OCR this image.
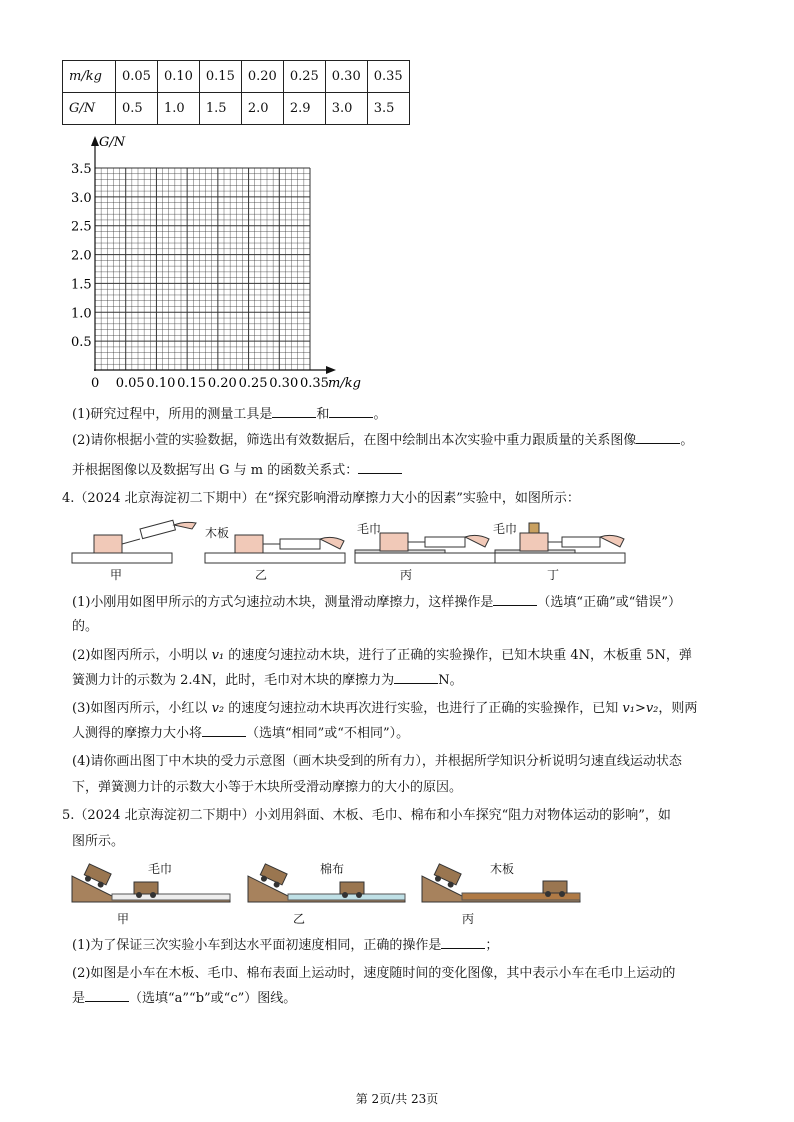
m/kg	0.05	0.10	0.15	0.20	0.25	0.30	0.35
G/N	0.5	1.0	1.5	2.0	2.9	3.0	3.5
0 0.05 0.10 0.15 0.20 0.25 0.30 0.35
0.5
1.0
1.5
2.0
2.5
3.0
3.5
G/N
m/kg
(1)研究过程中，所用的测量工具是	和	。
(2)请你根据小萱的实验数据，筛选出有效数据后，在图中绘制出本次实验中重力跟质量的关系图像	。
并根据图像以及数据写出 G 与 m 的函数关系式：
4.（2024 北京海淀初二下期中）在“探究影响滑动摩擦力大小的因素”实验中，如图所示：
木板	毛巾	毛巾
甲	乙	丙	丁
(1)小刚用如图甲所示的方式匀速拉动木块，测量滑动摩擦力，这样操作是	（选填“正确”或“错误”）
的。
(2)如图丙所示，小明以 v₁ 的速度匀速拉动木块，进行了正确的实验操作，已知木块重 4N，木板重 5N，弹
簧测力计的示数为 2.4N，此时，毛巾对木块的摩擦力为	N。
(3)如图丙所示，小红以 v₂ 的速度匀速拉动木块再次进行实验，也进行了正确的实验操作，已知 v₁>v₂，则两
人测得的摩擦力大小将	（选填“相同”或“不相同”）。
(4)请你画出图丁中木块的受力示意图（画木块受到的所有力），并根据所学知识分析说明匀速直线运动状态
下，弹簧测力计的示数大小等于木块所受滑动摩擦力的大小的原因。
5.（2024 北京海淀初二下期中）小刘用斜面、木板、毛巾、棉布和小车探究“阻力对物体运动的影响”，如
图所示。
毛巾	棉布	木板
甲	乙	丙
(1)为了保证三次实验小车到达水平面初速度相同，正确的操作是	；
(2)如图是小车在木板、毛巾、棉布表面上运动时，速度随时间的变化图像，其中表示小车在毛巾上运动的
是	（选填“a”“b”或“c”）图线。
第 2页/共 23页
